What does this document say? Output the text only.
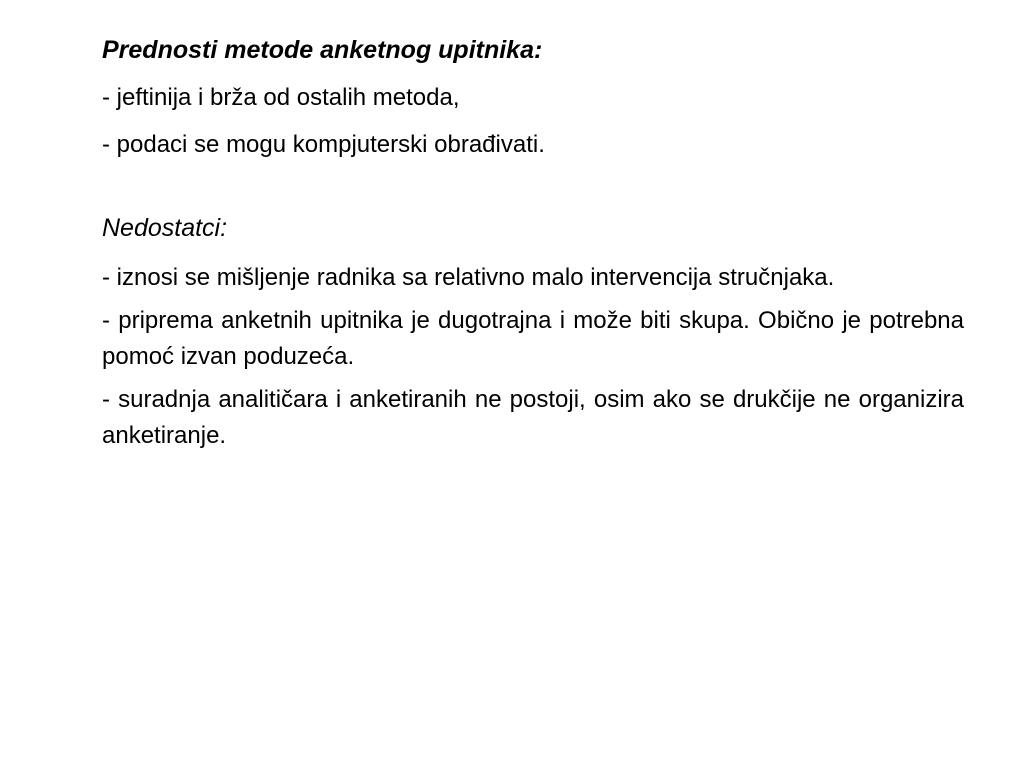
Prednosti metode anketnog upitnika:
- jeftinija i brža od ostalih metoda,
- podaci se mogu kompjuterski obrađivati.
Nedostatci:
- iznosi se mišljenje radnika sa relativno malo intervencija stručnjaka.
- priprema anketnih upitnika je dugotrajna i može biti skupa. Obično je potrebna pomoć izvan poduzeća.
- suradnja analitičara i anketiranih ne postoji, osim ako se drukčije ne organizira anketiranje.
